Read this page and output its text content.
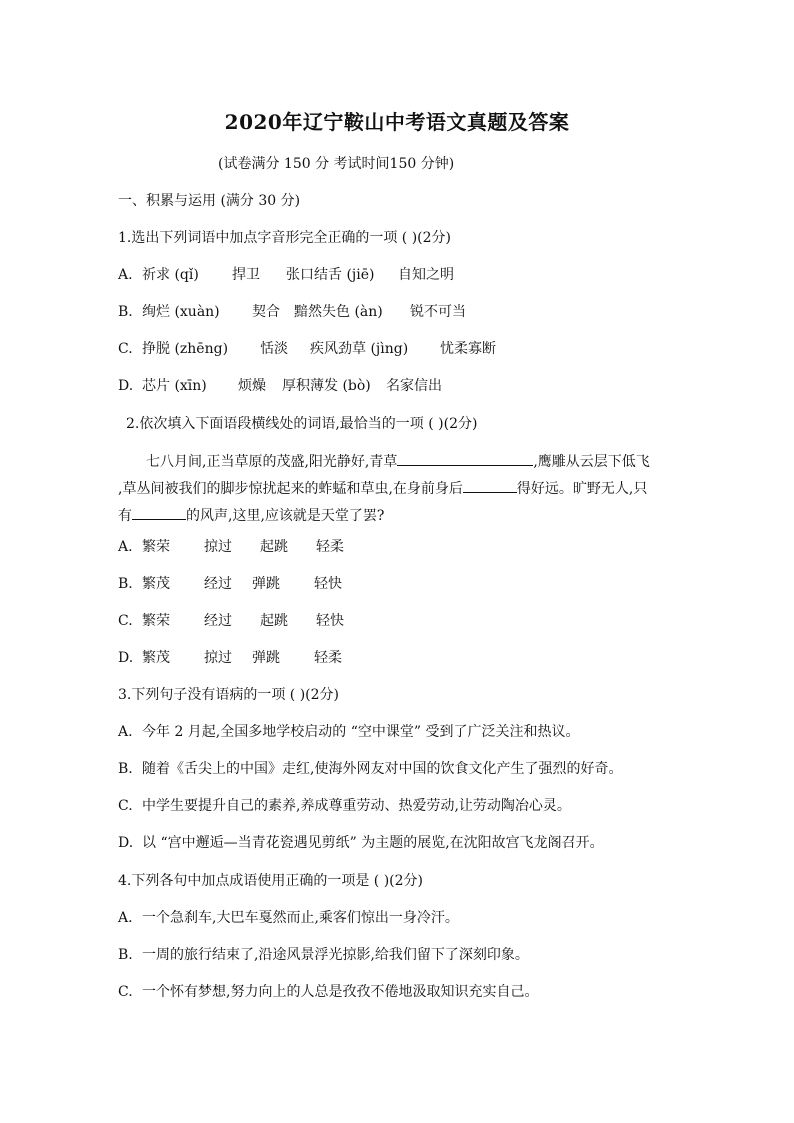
2020年辽宁鞍山中考语文真题及答案
(试卷满分 150 分 考试时间150 分钟)
一、积累与运用 (满分 30 分)
1.选出下列词语中加点字音形完全正确的一项 ( )(2分)
A. 祈求 (qǐ) 捍卫 张口结舌 (jiē) 自知之明
B. 绚烂 (xuàn) 契合 黯然失色 (àn) 锐不可当
C. 挣脱 (zhēng) 恬淡 疾风劲草 (jìng) 忧柔寡断
D. 芯片 (xīn) 烦燥 厚积薄发 (bò) 名家信出
2.依次填入下面语段横线处的词语,最恰当的一项 ( )(2分)
七八月间,正当草原的茂盛,阳光静好,青草	,鹰雕从云层下低飞
,草丛间被我们的脚步惊扰起来的蚱蜢和草虫,在身前身后	得好远。旷野无人,只
有	的风声,这里,应该就是天堂了罢?
A. 繁荣 掠过 起跳 轻柔
B. 繁茂 经过 弹跳 轻快
C. 繁荣 经过 起跳 轻快
D. 繁茂 掠过 弹跳 轻柔
3.下列句子没有语病的一项 ( )(2分)
A. 今年 2 月起,全国多地学校启动的 “空中课堂” 受到了广泛关注和热议。
B. 随着《舌尖上的中国》走红,使海外网友对中国的饮食文化产生了强烈的好奇。
C. 中学生要提升自己的素养,养成尊重劳动、热爱劳动,让劳动陶冶心灵。
D. 以 “宫中邂逅—当青花瓷遇见剪纸” 为主题的展览,在沈阳故宫飞龙阁召开。
4.下列各句中加点成语使用正确的一项是 ( )(2分)
A. 一个急刹车,大巴车戛然而止,乘客们惊出一身冷汗。
B. 一周的旅行结束了,沿途风景浮光掠影,给我们留下了深刻印象。
C. 一个怀有梦想,努力向上的人总是孜孜不倦地汲取知识充实自己。
